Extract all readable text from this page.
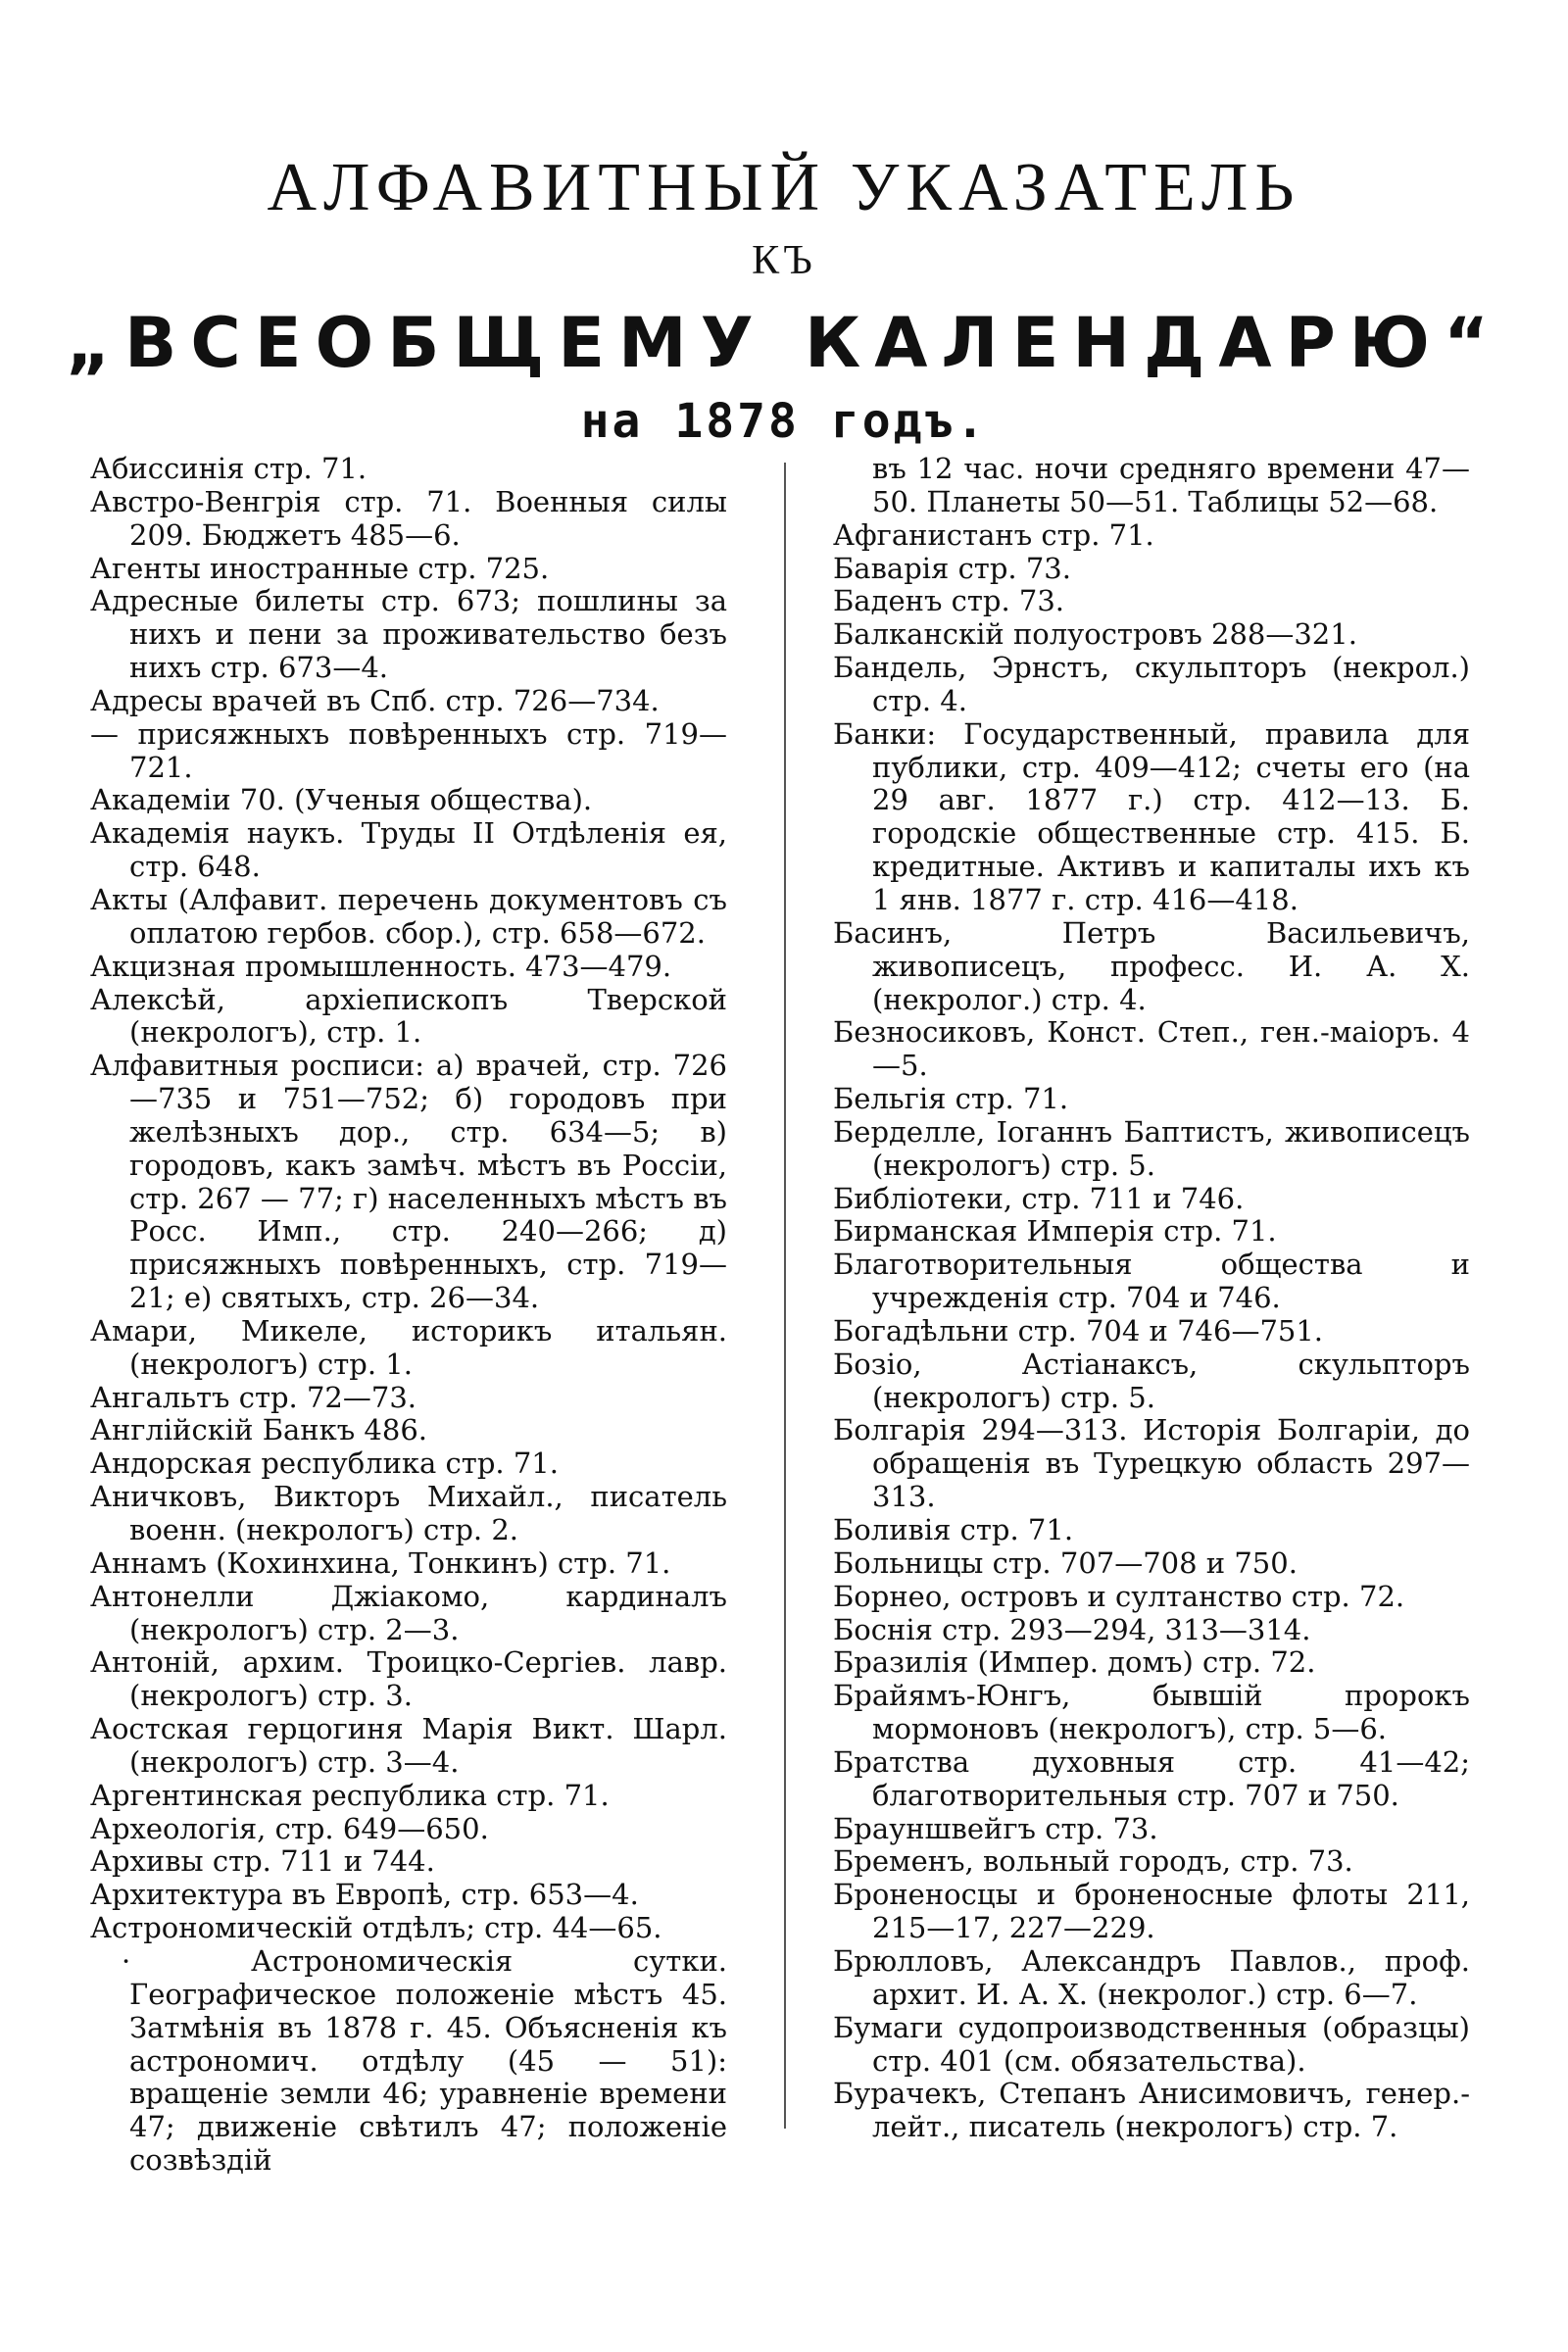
АЛФАВИТНЫЙ УКАЗАТЕЛЬ
КЪ
„ВСЕОБЩЕМУ КАЛЕНДАРЮ“
на 1878 годъ.
Абиссинія стр. 71.
Австро-Венгрія стр. 71. Военныя силы 209. Бюджетъ 485—6.
Агенты иностранные стр. 725.
Адресные билеты стр. 673; пошлины за нихъ и пени за проживательство безъ нихъ стр. 673—4.
Адресы врачей въ Спб. стр. 726—734.
— присяжныхъ повѣренныхъ стр. 719—721.
Академіи 70. (Ученыя общества).
Академія наукъ. Труды II Отдѣленія ея, стр. 648.
Акты (Алфавит. перечень документовъ съ оплатою гербов. сбор.), стр. 658—672.
Акцизная промышленность. 473—479.
Алексѣй, архіепископъ Тверской (некрологъ), стр. 1.
Алфавитныя росписи: а) врачей, стр. 726—735 и 751—752; б) городовъ при желѣзныхъ дор., стр. 634—5; в) городовъ, какъ замѣч. мѣстъ въ Россіи, стр. 267 — 77; г) населенныхъ мѣстъ въ Росс. Имп., стр. 240—266; д) присяжныхъ повѣренныхъ, стр. 719—21; е) святыхъ, стр. 26—34.
Амари, Микеле, историкъ итальян. (некрологъ) стр. 1.
Ангальтъ стр. 72—73.
Англійскій Банкъ 486.
Андорская республика стр. 71.
Аничковъ, Викторъ Михайл., писатель военн. (некрологъ) стр. 2.
Аннамъ (Кохинхина, Тонкинъ) стр. 71.
Антонелли Джіакомо, кардиналъ (некрологъ) стр. 2—3.
Антоній, архим. Троицко-Сергіев. лавр. (некрологъ) стр. 3.
Аостская герцогиня Марія Викт. Шарл. (некрологъ) стр. 3—4.
Аргентинская республика стр. 71.
Археологія, стр. 649—650.
Архивы стр. 711 и 744.
Архитектура въ Европѣ, стр. 653—4.
Астрономическій отдѣлъ; стр. 44—65.
· Астрономическія сутки. Географическое положеніе мѣстъ 45. Затмѣнія въ 1878 г. 45. Объясненія къ астрономич. отдѣлу (45 — 51): вращеніе земли 46; уравненіе времени 47; движеніе свѣтилъ 47; положеніе созвѣздій
въ 12 час. ночи средняго времени 47—50. Планеты 50—51. Таблицы 52—68.
Афганистанъ стр. 71.
Баварія стр. 73.
Баденъ стр. 73.
Балканскій полуостровъ 288—321.
Бандель, Эрнстъ, скульпторъ (некрол.) стр. 4.
Банки: Государственный, правила для публики, стр. 409—412; счеты его (на 29 авг. 1877 г.) стр. 412—13. Б. городскіе общественные стр. 415. Б. кредитные. Активъ и капиталы ихъ къ 1 янв. 1877 г. стр. 416—418.
Басинъ, Петръ Васильевичъ, живописецъ, професс. И. А. Х. (некролог.) стр. 4.
Безносиковъ, Конст. Степ., ген.-маіоръ. 4—5.
Бельгія стр. 71.
Берделле, Іоганнъ Баптистъ, живописецъ (некрологъ) стр. 5.
Библіотеки, стр. 711 и 746.
Бирманская Имперія стр. 71.
Благотворительныя общества и учрежденія стр. 704 и 746.
Богадѣльни стр. 704 и 746—751.
Бозіо, Астіанаксъ, скульпторъ (некрологъ) стр. 5.
Болгарія 294—313. Исторія Болгаріи, до обращенія въ Турецкую область 297—313.
Боливія стр. 71.
Больницы стр. 707—708 и 750.
Борнео, островъ и султанство стр. 72.
Боснія стр. 293—294, 313—314.
Бразилія (Импер. домъ) стр. 72.
Брайямъ-Юнгъ, бывшій пророкъ мормоновъ (некрологъ), стр. 5—6.
Братства духовныя стр. 41—42; благотворительныя стр. 707 и 750.
Брауншвейгъ стр. 73.
Бременъ, вольный городъ, стр. 73.
Броненосцы и броненосные флоты 211, 215—17, 227—229.
Брюлловъ, Александръ Павлов., проф. архит. И. А. Х. (некролог.) стр. 6—7.
Бумаги судопроизводственныя (образцы) стр. 401 (см. обязательства).
Бурачекъ, Степанъ Анисимовичъ, генер.-лейт., писатель (некрологъ) стр. 7.
